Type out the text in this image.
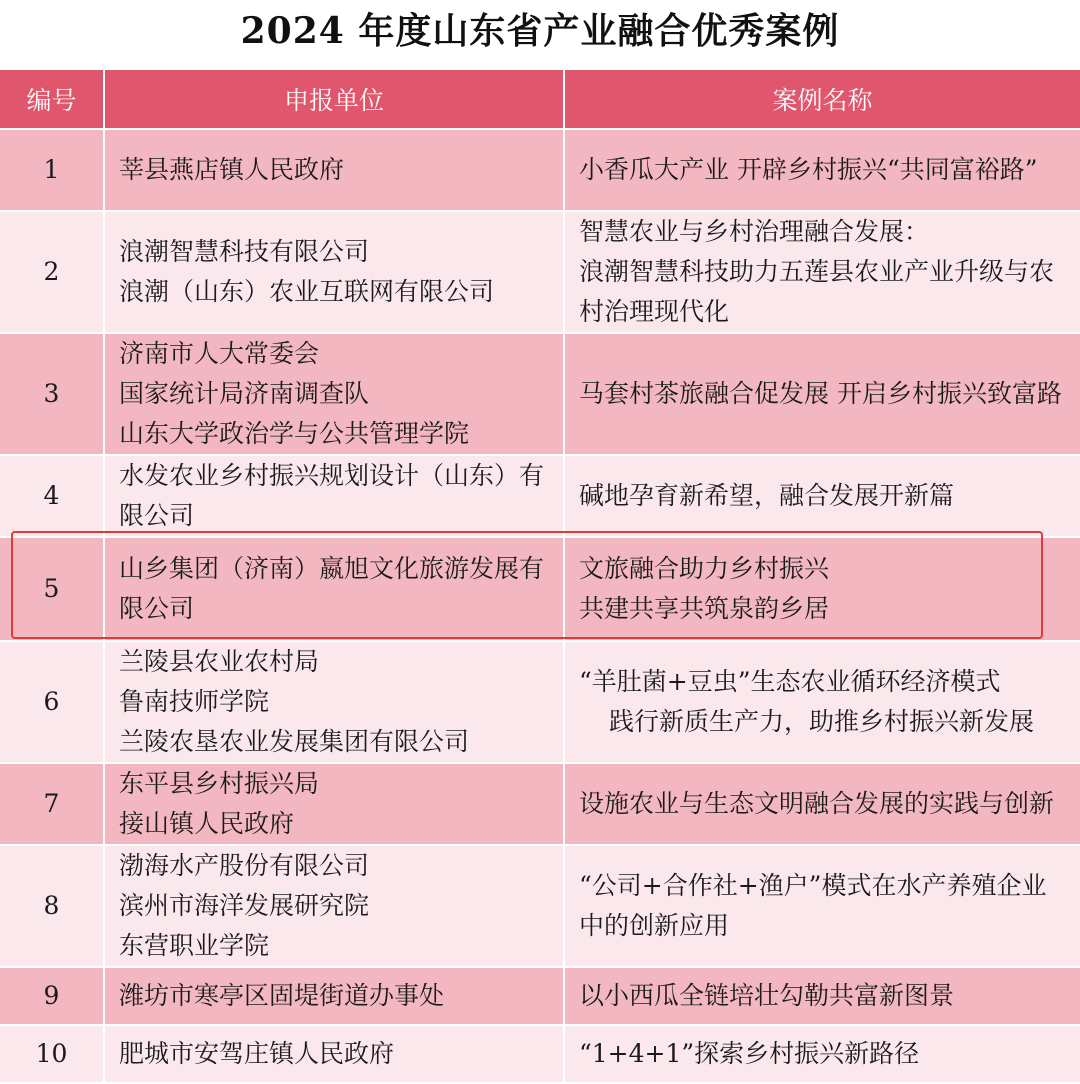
2024 年度山东省产业融合优秀案例
编号	申报单位	案例名称
1	莘县燕店镇人民政府	小香瓜大产业 开辟乡村振兴“共同富裕路”

2	浪潮智慧科技有限公司
浪潮（山东）农业互联网有限公司	智慧农业与乡村治理融合发展：
浪潮智慧科技助力五莲县农业产业升级与农村治理现代化

3	济南市人大常委会
国家统计局济南调查队
山东大学政治学与公共管理学院	马套村茶旅融合促发展 开启乡村振兴致富路

4	水发农业乡村振兴规划设计（山东）有限公司	碱地孕育新希望，融合发展开新篇

5	山乡集团（济南）嬴旭文化旅游发展有限公司	文旅融合助力乡村振兴
共建共享共筑泉韵乡居

6	兰陵县农业农村局
鲁南技师学院
兰陵农垦农业发展集团有限公司	“羊肚菌+豆虫”生态农业循环经济模式
践行新质生产力，助推乡村振兴新发展

7	东平县乡村振兴局
接山镇人民政府	设施农业与生态文明融合发展的实践与创新

8	渤海水产股份有限公司
滨州市海洋发展研究院
东营职业学院	“公司+合作社+渔户”模式在水产养殖企业中的创新应用

9	潍坊市寒亭区固堤街道办事处	以小西瓜全链培壮勾勒共富新图景

10	肥城市安驾庄镇人民政府	“1+4+1”探索乡村振兴新路径
